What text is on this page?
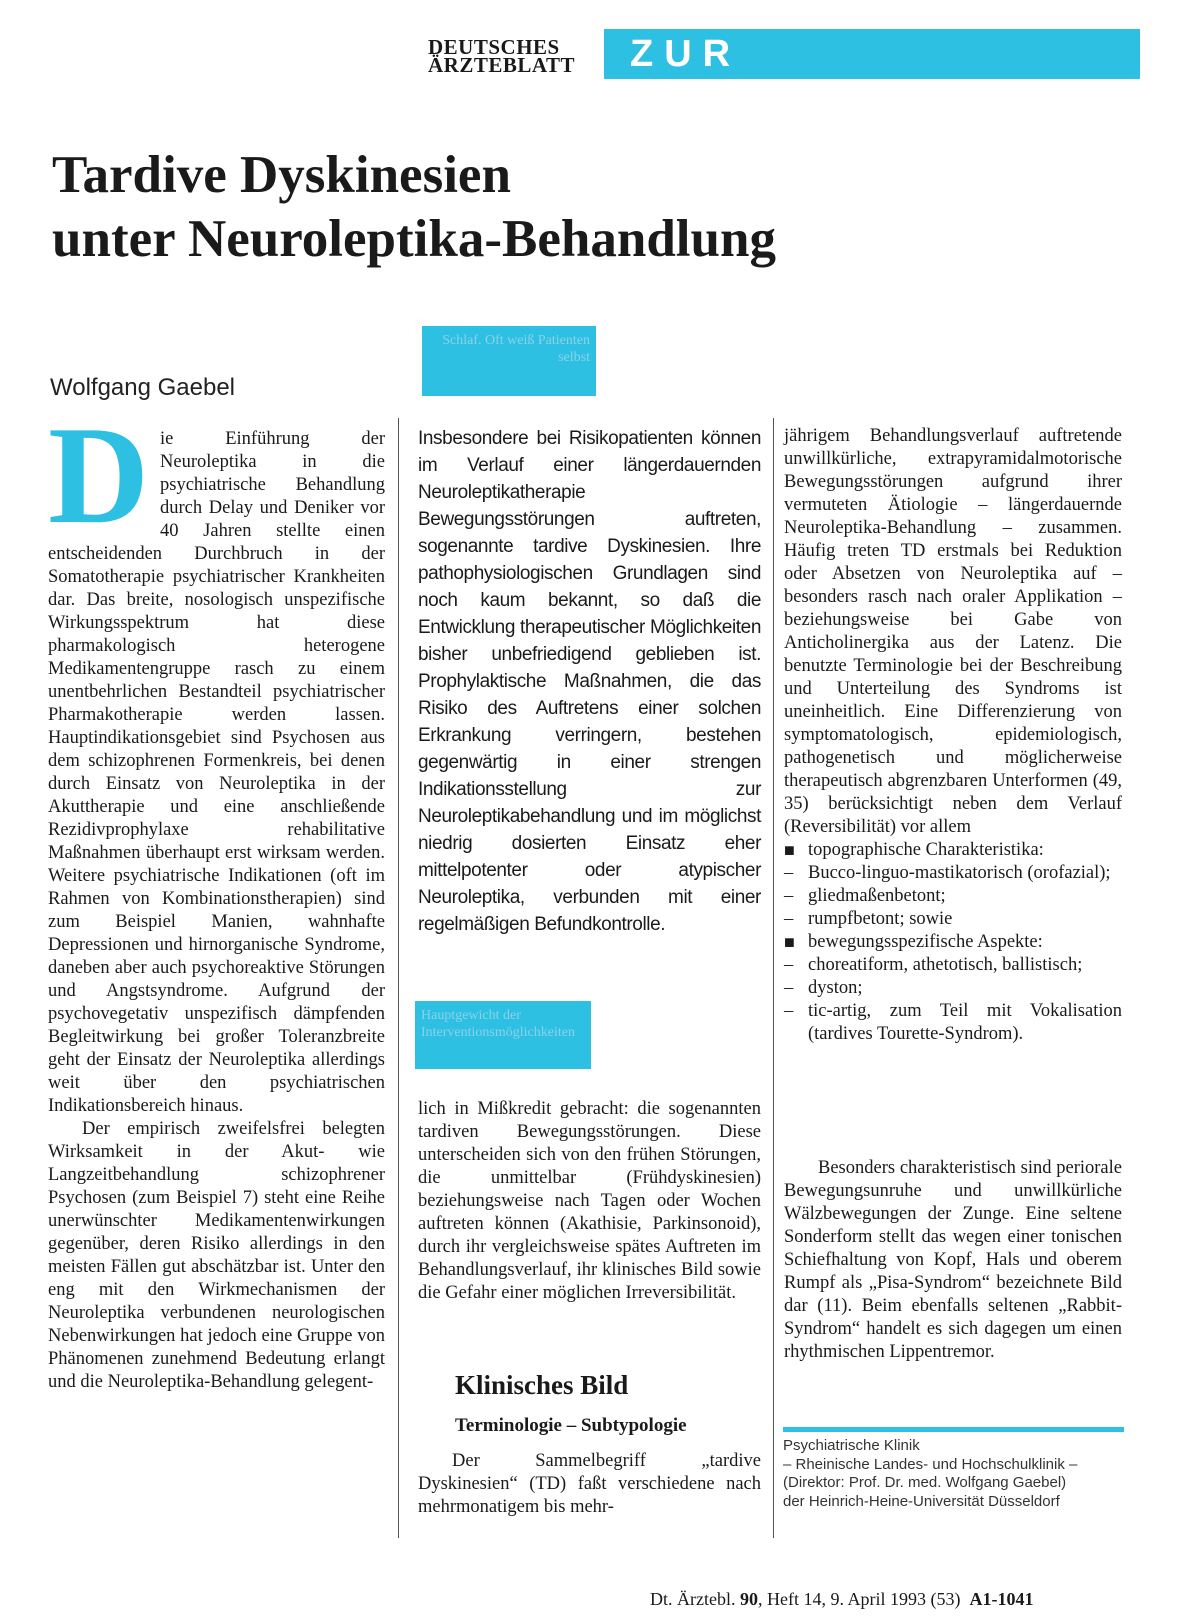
DEUTSCHES
ÄRZTEBLATT	ZUR FORTBILDUNG
Tardive Dyskinesien
unter Neuroleptika-Behandlung
Schlaf. Oft weiß Patienten selbst
Wolfgang Gaebel

D ie Einführung der Neuroleptika in die psychiatrische Behandlung durch Delay und Deniker vor 40 Jahren stellte einen entscheidenden Durchbruch in der Somatotherapie psychiatrischer Krankheiten dar. Das breite, nosologisch unspezifische Wirkungsspektrum hat diese pharmakologisch heterogene Medikamentengruppe rasch zu einem unentbehrlichen Bestandteil psychiatrischer Pharmakotherapie werden lassen. Hauptindikationsgebiet sind Psychosen aus dem schizophrenen Formenkreis, bei denen durch Einsatz von Neuroleptika in der Akuttherapie und eine anschließende Rezidivprophylaxe rehabilitative Maßnahmen überhaupt erst wirksam werden. Weitere psychiatrische Indikationen (oft im Rahmen von Kombinationstherapien) sind zum Beispiel Manien, wahnhafte Depressionen und hirnorganische Syndrome, daneben aber auch psychoreaktive Störungen und Angstsyndrome. Aufgrund der psychovegetativ unspezifisch dämpfenden Begleitwirkung bei großer Toleranzbreite geht der Einsatz der Neuroleptika allerdings weit über den psychiatrischen Indikationsbereich hinaus.

Der empirisch zweifelsfrei belegten Wirksamkeit in der Akut- wie Langzeitbehandlung schizophrener Psychosen (zum Beispiel 7) steht eine Reihe unerwünschter Medikamentenwirkungen gegenüber, deren Risiko allerdings in den meisten Fällen gut abschätzbar ist. Unter den eng mit den Wirkmechanismen der Neuroleptika verbundenen neurologischen Nebenwirkungen hat jedoch eine Gruppe von Phänomenen zunehmend Bedeutung erlangt und die Neuroleptika-Behandlung gelegent-

Insbesondere bei Risikopatienten können im Verlauf einer längerdauernden Neuroleptikatherapie Bewegungsstörungen auftreten, sogenannte tardive Dyskinesien. Ihre pathophysiologischen Grundlagen sind noch kaum bekannt, so daß die Entwicklung therapeutischer Möglichkeiten bisher unbefriedigend geblieben ist. Prophylaktische Maßnahmen, die das Risiko des Auftretens einer solchen Erkrankung verringern, bestehen gegenwärtig in einer strengen Indikationsstellung zur Neuroleptikabehandlung und im möglichst niedrig dosierten Einsatz eher mittelpotenter oder atypischer Neuroleptika, verbunden mit einer regelmäßigen Befundkontrolle.
Hauptgewicht der Interventionsmöglichkeiten

lich in Mißkredit gebracht: die sogenannten tardiven Bewegungsstörungen. Diese unterscheiden sich von den frühen Störungen, die unmittelbar (Frühdyskinesien) beziehungsweise nach Tagen oder Wochen auftreten können (Akathisie, Parkinsonoid), durch ihr vergleichsweise spätes Auftreten im Behandlungsverlauf, ihr klinisches Bild sowie die Gefahr einer möglichen Irreversibilität.

Klinisches Bild
Terminologie – Subtypologie

Der Sammelbegriff „tardive Dyskinesien“ (TD) faßt verschiedene nach mehrmonatigem bis mehr-

jährigem Behandlungsverlauf auftretende unwillkürliche, extrapyramidalmotorische Bewegungsstörungen aufgrund ihrer vermuteten Ätiologie – längerdauernde Neuroleptika-Behandlung – zusammen. Häufig treten TD erstmals bei Reduktion oder Absetzen von Neuroleptika auf – besonders rasch nach oraler Applikation – beziehungsweise bei Gabe von Anticholinergika aus der Latenz. Die benutzte Terminologie bei der Beschreibung und Unterteilung des Syndroms ist uneinheitlich. Eine Differenzierung von symptomatologisch, epidemiologisch, pathogenetisch und möglicherweise therapeutisch abgrenzbaren Unterformen (49, 35) berücksichtigt neben dem Verlauf (Reversibilität) vor allem

■ topographische Charakteristika:
– Bucco-linguo-mastikatorisch (orofazial);
– gliedmaßenbetont;
– rumpfbetont; sowie
■ bewegungsspezifische Aspekte:
– choreatiform, athetotisch, ballistisch;
– dyston;
– tic-artig, zum Teil mit Vokalisation (tardives Tourette-Syndrom).

Besonders charakteristisch sind periorale Bewegungsunruhe und unwillkürliche Wälzbewegungen der Zunge. Eine seltene Sonderform stellt das wegen einer tonischen Schiefhaltung von Kopf, Hals und oberem Rumpf als „Pisa-Syndrom“ bezeichnete Bild dar (11). Beim ebenfalls seltenen „Rabbit-Syndrom“ handelt es sich dagegen um einen rhythmischen Lippentremor.

Psychiatrische Klinik
– Rheinische Landes- und Hochschulklinik –
(Direktor: Prof. Dr. med. Wolfgang Gaebel)
der Heinrich-Heine-Universität Düsseldorf
Dt. Ärztebl. 90, Heft 14, 9. April 1993 (53) A1-1041
